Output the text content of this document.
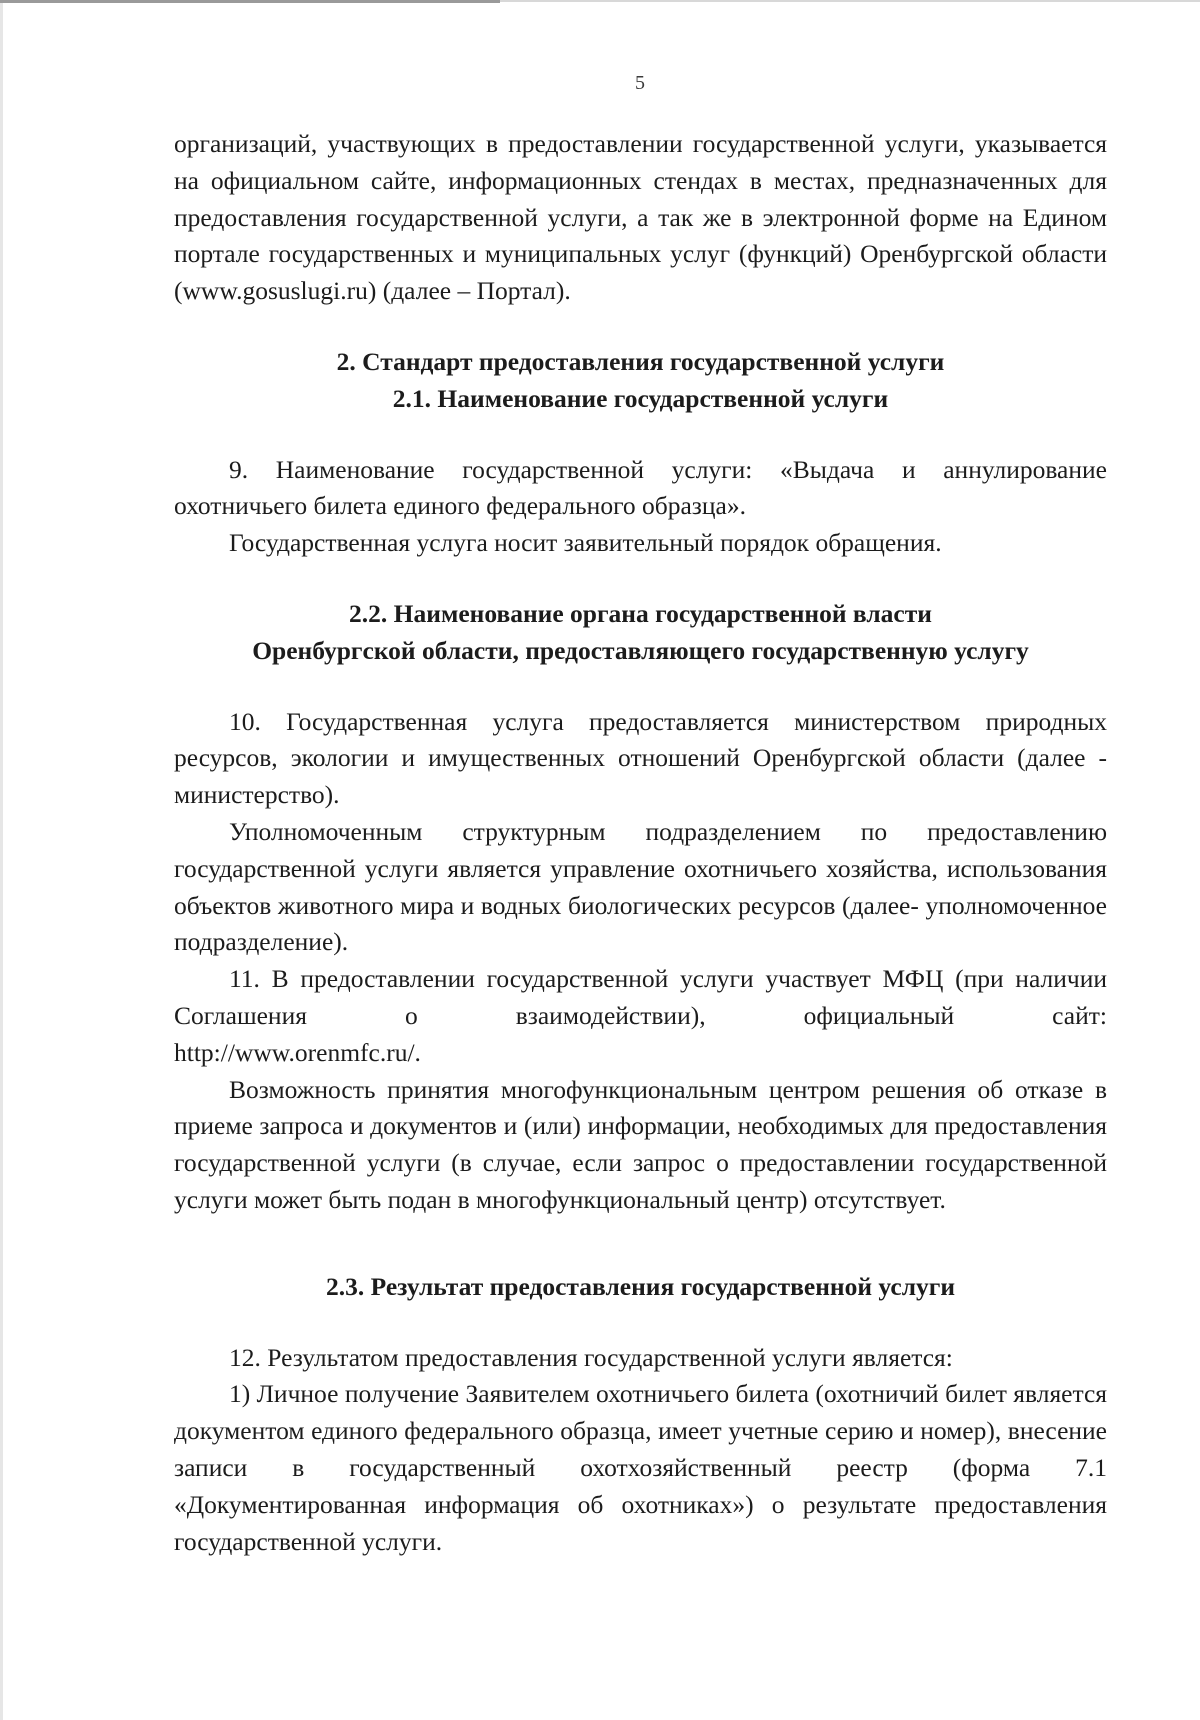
5

организаций, участвующих в предоставлении государственной услуги, указывается на официальном сайте, информационных стендах в местах, предназначенных для предоставления государственной услуги, а так же в электронной форме на Едином портале государственных и муниципальных услуг (функций) Оренбургской области (www.gosuslugi.ru) (далее – Портал).

2. Стандарт предоставления государственной услуги

2.1. Наименование государственной услуги

9. Наименование государственной услуги: «Выдача и аннулирование охотничьего билета единого федерального образца».

Государственная услуга носит заявительный порядок обращения.

2.2. Наименование органа государственной власти

Оренбургской области, предоставляющего государственную услугу

10. Государственная услуга предоставляется министерством природных ресурсов, экологии и имущественных отношений Оренбургской области (далее - министерство).

Уполномоченным структурным подразделением по предоставлению государственной услуги является управление охотничьего хозяйства, использования объектов животного мира и водных биологических ресурсов (далее- уполномоченное подразделение).

11. В предоставлении государственной услуги участвует МФЦ (при наличии Соглашения о взаимодействии), официальный сайт:

http://www.orenmfc.ru/.

Возможность принятия многофункциональным центром решения об отказе в приеме запроса и документов и (или) информации, необходимых для предоставления государственной услуги (в случае, если запрос о предоставлении государственной услуги может быть подан в многофункциональный центр) отсутствует.

2.3. Результат предоставления государственной услуги

12. Результатом предоставления государственной услуги является:

1) Личное получение Заявителем охотничьего билета (охотничий билет является документом единого федерального образца, имеет учетные серию и номер), внесение записи в государственный охотхозяйственный реестр (форма 7.1 «Документированная информация об охотниках») о результате предоставления государственной услуги.
